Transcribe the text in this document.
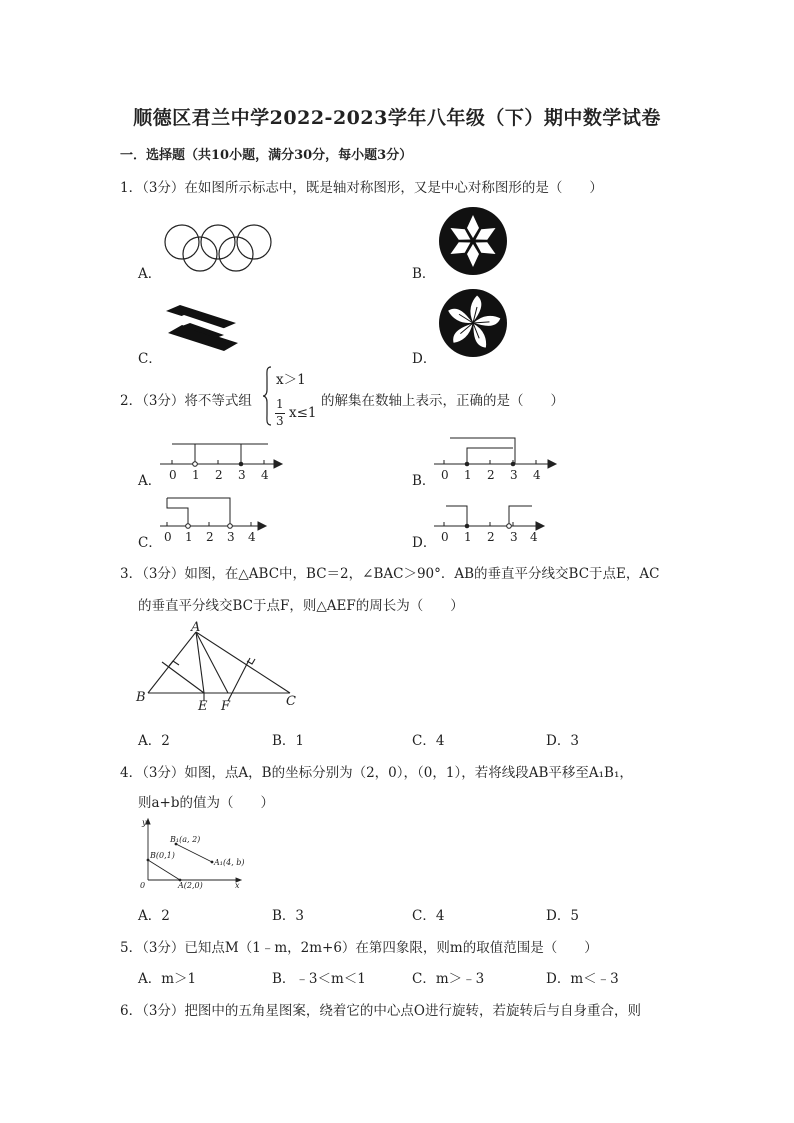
顺德区君兰中学2022-2023学年八年级（下）期中数学试卷
一．选择题（共10小题，满分30分，每小题3分）
1．（3分）在如图所示标志中，既是轴对称图形，又是中心对称图形的是（　　）
A．	B．
C．	D．
2．（3分）将不等式组
x＞1
1
3 x≤1
的解集在数轴上表示，正确的是（　　）
A．	B．
C．	D．
0 1 2 3 4	0 1 2 3 4
0 1 2 3 4	0 1 2 3 4
3．（3分）如图，在△ABC中，BC＝2，∠BAC＞90°．AB的垂直平分线交BC于点E，AC
的垂直平分线交BC于点F，则△AEF的周长为（　　）
A
B
E F	C
A．2	B．1	C．4	D．3
4．（3分）如图，点A，B的坐标分别为（2，0），（0，1），若将线段AB平移至A₁B₁，
则a+b的值为（　　）
y
x
0
B(0,1)
A(2,0)
B₁(a, 2)
A₁(4, b)
A．2	B．3	C．4	D．5
5．（3分）已知点M（1﹣m，2m+6）在第四象限，则m的取值范围是（　　）
A．m＞1	B．﹣3＜m＜1	C．m＞﹣3	D．m＜﹣3
6．（3分）把图中的五角星图案，绕着它的中心点O进行旋转，若旋转后与自身重合，则
